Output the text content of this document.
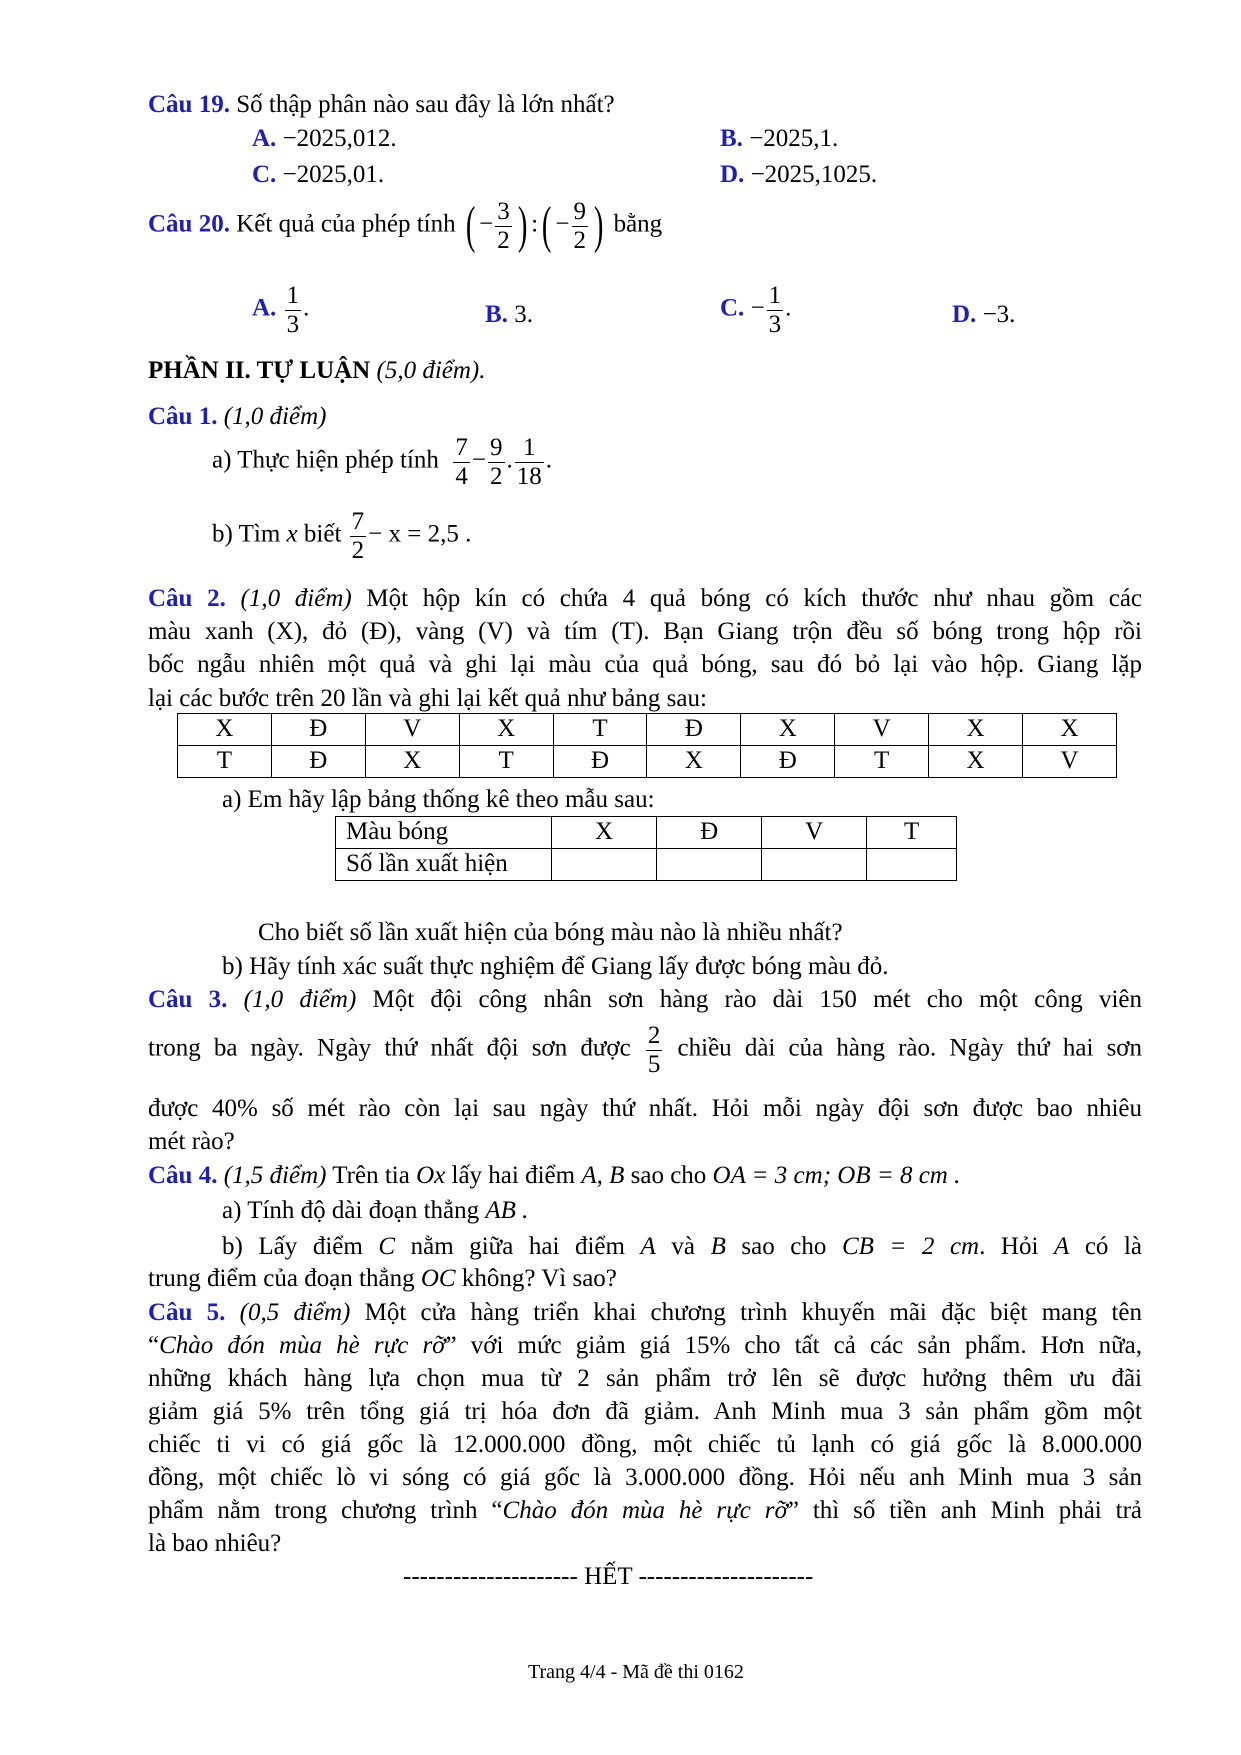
Câu 19. Số thập phân nào sau đây là lớn nhất?
A. −2025,012.	B. −2025,1.
C. −2025,01.	D. −2025,1025.
Câu 20. Kết quả của phép tính ( − $\frac{3}{2}$ ) :( − $\frac{9}{2}$ ) bằng
A. $\frac{1}{3}$ .	B. 3.	C. − $\frac{1}{3}$ .	D. −3.
PHẦN II. TỰ LUẬN (5,0 điểm).
Câu 1. (1,0 điểm)
a) Thực hiện phép tính $\frac{7}{4} - \frac{9}{2}$ . $\frac{1}{18}$ .
b) Tìm x biết $\frac{7}{2} - x = 2,5$ .
Câu 2. (1,0 điểm) Một hộp kín có chứa 4 quả bóng có kích thước như nhau gồm các
màu xanh (X), đỏ (Đ), vàng (V) và tím (T). Bạn Giang trộn đều số bóng trong hộp rồi
bốc ngẫu nhiên một quả và ghi lại màu của quả bóng, sau đó bỏ lại vào hộp. Giang lặp
lại các bước trên 20 lần và ghi lại kết quả như bảng sau:
X	Đ	V	X	T	Đ	X	V	X	X
T	Đ	X	T	Đ	X	Đ	T	X	V
a) Em hãy lập bảng thống kê theo mẫu sau:
Màu bóng	X	Đ	V	T
Số lần xuất hiện				
Cho biết số lần xuất hiện của bóng màu nào là nhiều nhất?
b) Hãy tính xác suất thực nghiệm để Giang lấy được bóng màu đỏ.
Câu 3. (1,0 điểm) Một đội công nhân sơn hàng rào dài 150 mét cho một công viên
trong ba ngày. Ngày thứ nhất đội sơn được $\frac{2}{5}$ chiều dài của hàng rào. Ngày thứ hai sơn
được 40% số mét rào còn lại sau ngày thứ nhất. Hỏi mỗi ngày đội sơn được bao nhiêu
mét rào?
Câu 4. (1,5 điểm) Trên tia Ox lấy hai điểm A, B sao cho OA = 3 cm; OB = 8 cm .
a) Tính độ dài đoạn thẳng AB .
b) Lấy điểm C nằm giữa hai điểm A và B sao cho CB = 2 cm. Hỏi A có là
trung điểm của đoạn thẳng OC không? Vì sao?
Câu 5. (0,5 điểm) Một cửa hàng triển khai chương trình khuyến mãi đặc biệt mang tên
“Chào đón mùa hè rực rỡ” với mức giảm giá 15% cho tất cả các sản phẩm. Hơn nữa,
những khách hàng lựa chọn mua từ 2 sản phẩm trở lên sẽ được hưởng thêm ưu đãi
giảm giá 5% trên tổng giá trị hóa đơn đã giảm. Anh Minh mua 3 sản phẩm gồm một
chiếc ti vi có giá gốc là 12.000.000 đồng, một chiếc tủ lạnh có giá gốc là 8.000.000
đồng, một chiếc lò vi sóng có giá gốc là 3.000.000 đồng. Hỏi nếu anh Minh mua 3 sản
phẩm nằm trong chương trình “Chào đón mùa hè rực rỡ” thì số tiền anh Minh phải trả
là bao nhiêu?
--------------------- HẾT ---------------------
Trang 4/4 - Mã đề thi 0162
